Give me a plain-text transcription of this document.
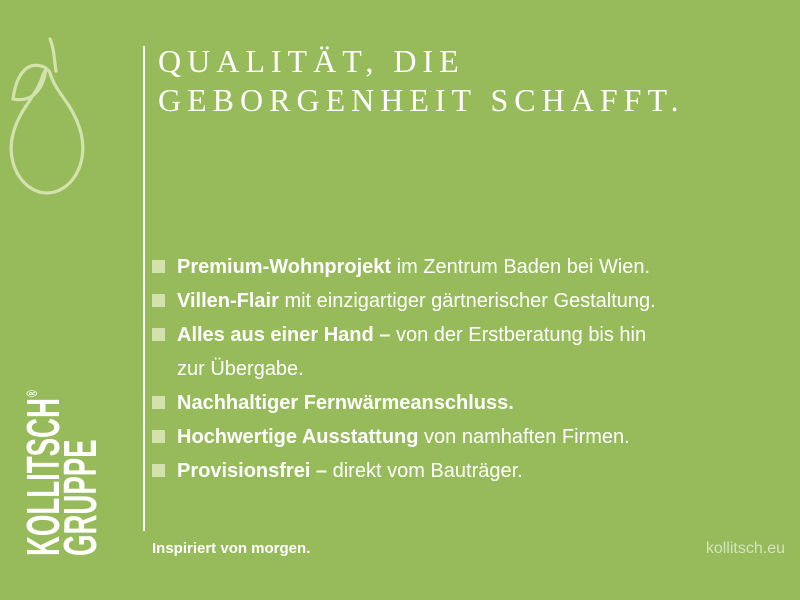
KOLLITSCH®
GRUPPE
QUALITÄT, DIE
GEBORGENHEIT SCHAFFT.
Premium-Wohnprojekt im Zentrum Baden bei Wien.
Villen-Flair mit einzigartiger gärtnerischer Gestaltung.
Alles aus einer Hand – von der Erstberatung bis hin
zur Übergabe.
Nachhaltiger Fernwärmeanschluss.
Hochwertige Ausstattung von namhaften Firmen.
Provisionsfrei – direkt vom Bauträger.
Inspiriert von morgen.	kollitsch.eu
